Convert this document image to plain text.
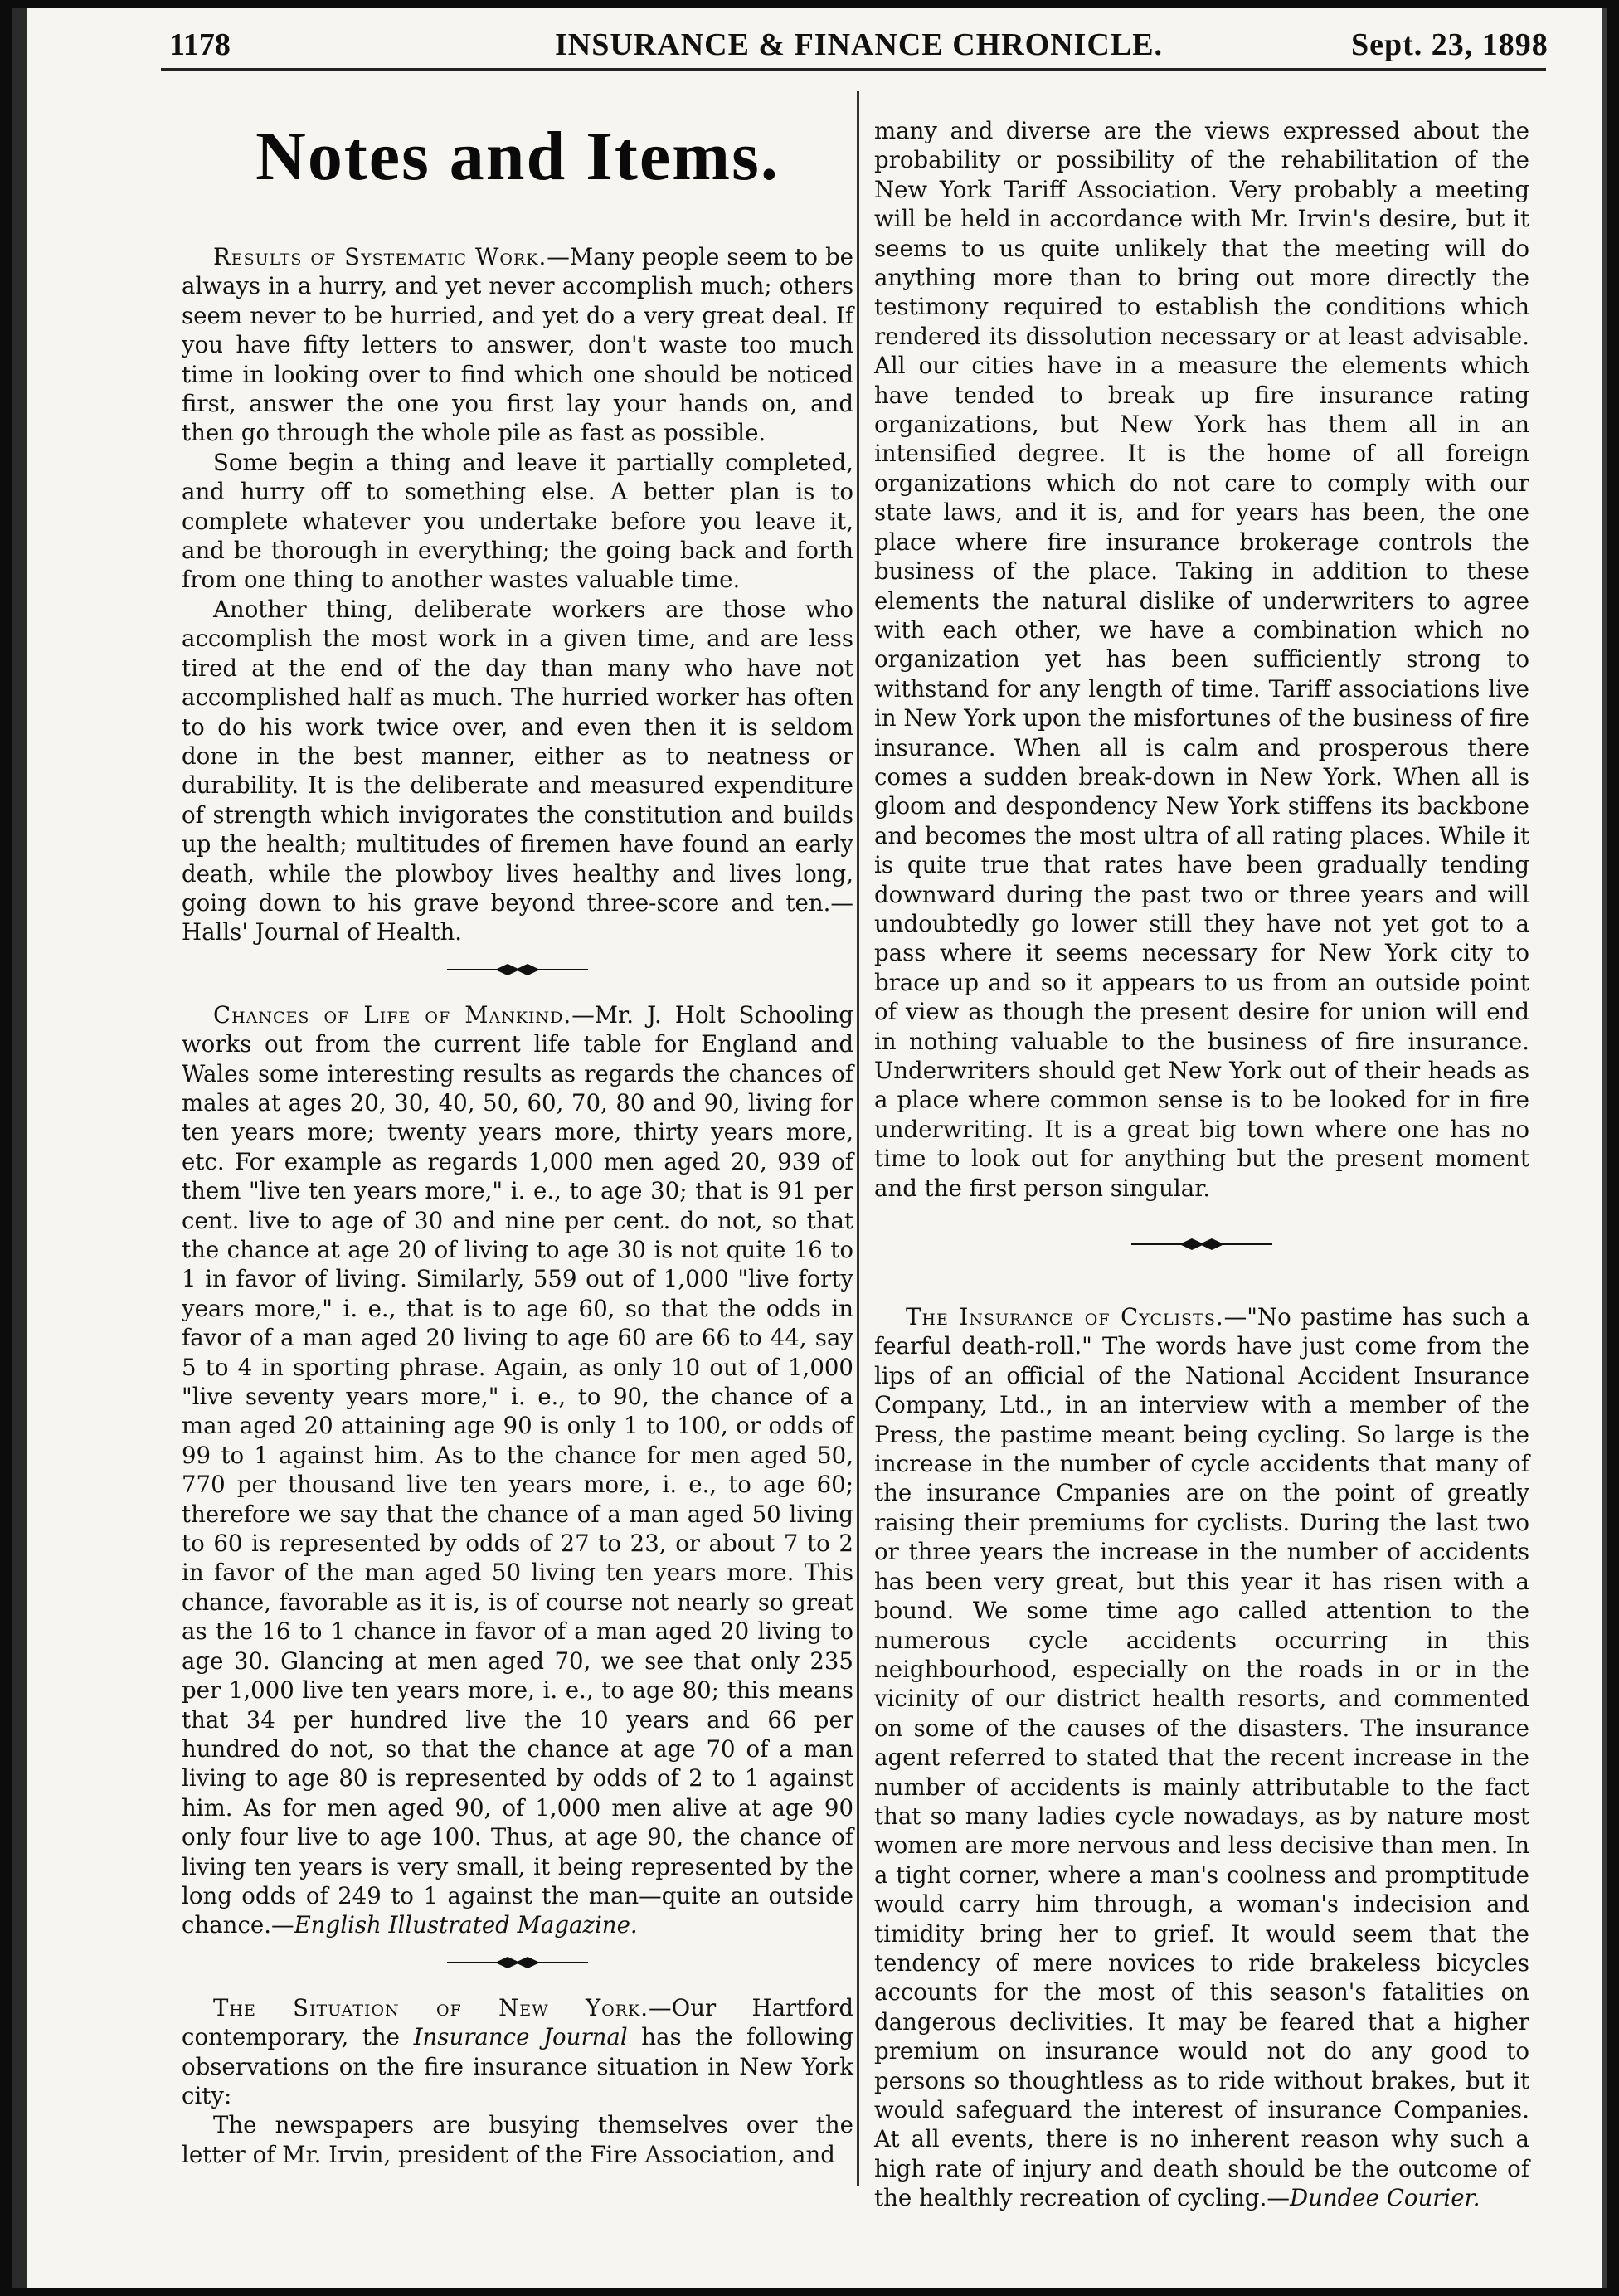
1178	INSURANCE & FINANCE CHRONICLE.	Sept. 23, 1898
Notes and Items.

Results of Systematic Work.—Many people seem to be always in a hurry, and yet never accomplish much; others seem never to be hurried, and yet do a very great deal. If you have fifty letters to answer, don't waste too much time in looking over to find which one should be noticed first, answer the one you first lay your hands on, and then go through the whole pile as fast as possible.

Some begin a thing and leave it partially completed, and hurry off to something else. A better plan is to complete whatever you undertake before you leave it, and be thorough in everything; the going back and forth from one thing to another wastes valuable time.

Another thing, deliberate workers are those who accomplish the most work in a given time, and are less tired at the end of the day than many who have not accomplished half as much. The hurried worker has often to do his work twice over, and even then it is seldom done in the best manner, either as to neatness or durability. It is the deliberate and measured expenditure of strength which invigorates the constitution and builds up the health; multitudes of firemen have found an early death, while the plowboy lives healthy and lives long, going down to his grave beyond three-score and ten.—Halls' Journal of Health.

Chances of Life of Mankind.—Mr. J. Holt Schooling works out from the current life table for England and Wales some interesting results as regards the chances of males at ages 20, 30, 40, 50, 60, 70, 80 and 90, living for ten years more; twenty years more, thirty years more, etc. For example as regards 1,000 men aged 20, 939 of them "live ten years more," i. e., to age 30; that is 91 per cent. live to age of 30 and nine per cent. do not, so that the chance at age 20 of living to age 30 is not quite 16 to 1 in favor of living. Similarly, 559 out of 1,000 "live forty years more," i. e., that is to age 60, so that the odds in favor of a man aged 20 living to age 60 are 66 to 44, say 5 to 4 in sporting phrase. Again, as only 10 out of 1,000 "live seventy years more," i. e., to 90, the chance of a man aged 20 attaining age 90 is only 1 to 100, or odds of 99 to 1 against him. As to the chance for men aged 50, 770 per thousand live ten years more, i. e., to age 60; therefore we say that the chance of a man aged 50 living to 60 is represented by odds of 27 to 23, or about 7 to 2 in favor of the man aged 50 living ten years more. This chance, favorable as it is, is of course not nearly so great as the 16 to 1 chance in favor of a man aged 20 living to age 30. Glancing at men aged 70, we see that only 235 per 1,000 live ten years more, i. e., to age 80; this means that 34 per hundred live the 10 years and 66 per hundred do not, so that the chance at age 70 of a man living to age 80 is represented by odds of 2 to 1 against him. As for men aged 90, of 1,000 men alive at age 90 only four live to age 100. Thus, at age 90, the chance of living ten years is very small, it being represented by the long odds of 249 to 1 against the man—quite an outside chance.—English Illustrated Magazine.

The Situation of New York.—Our Hartford contemporary, the Insurance Journal has the following observations on the fire insurance situation in New York city:

The newspapers are busying themselves over the letter of Mr. Irvin, president of the Fire Association, and

many and diverse are the views expressed about the probability or possibility of the rehabilitation of the New York Tariff Association. Very probably a meeting will be held in accordance with Mr. Irvin's desire, but it seems to us quite unlikely that the meeting will do anything more than to bring out more directly the testimony required to establish the conditions which rendered its dissolution necessary or at least advisable. All our cities have in a measure the elements which have tended to break up fire insurance rating organizations, but New York has them all in an intensified degree. It is the home of all foreign organizations which do not care to comply with our state laws, and it is, and for years has been, the one place where fire insurance brokerage controls the business of the place. Taking in addition to these elements the natural dislike of underwriters to agree with each other, we have a combination which no organization yet has been sufficiently strong to withstand for any length of time. Tariff associations live in New York upon the misfortunes of the business of fire insurance. When all is calm and prosperous there comes a sudden break-down in New York. When all is gloom and despondency New York stiffens its backbone and becomes the most ultra of all rating places. While it is quite true that rates have been gradually tending downward during the past two or three years and will undoubtedly go lower still they have not yet got to a pass where it seems necessary for New York city to brace up and so it appears to us from an outside point of view as though the present desire for union will end in nothing valuable to the business of fire insurance. Underwriters should get New York out of their heads as a place where common sense is to be looked for in fire underwriting. It is a great big town where one has no time to look out for anything but the present moment and the first person singular.

The Insurance of Cyclists.—"No pastime has such a fearful death-roll." The words have just come from the lips of an official of the National Accident Insurance Company, Ltd., in an interview with a member of the Press, the pastime meant being cycling. So large is the increase in the number of cycle accidents that many of the insurance Cmpanies are on the point of greatly raising their premiums for cyclists. During the last two or three years the increase in the number of accidents has been very great, but this year it has risen with a bound. We some time ago called attention to the numerous cycle accidents occurring in this neighbourhood, especially on the roads in or in the vicinity of our district health resorts, and commented on some of the causes of the disasters. The insurance agent referred to stated that the recent increase in the number of accidents is mainly attributable to the fact that so many ladies cycle nowadays, as by nature most women are more nervous and less decisive than men. In a tight corner, where a man's coolness and promptitude would carry him through, a woman's indecision and timidity bring her to grief. It would seem that the tendency of mere novices to ride brakeless bicycles accounts for the most of this season's fatalities on dangerous declivities. It may be feared that a higher premium on insurance would not do any good to persons so thoughtless as to ride without brakes, but it would safeguard the interest of insurance Companies. At all events, there is no inherent reason why such a high rate of injury and death should be the outcome of the healthly recreation of cycling.—Dundee Courier.
